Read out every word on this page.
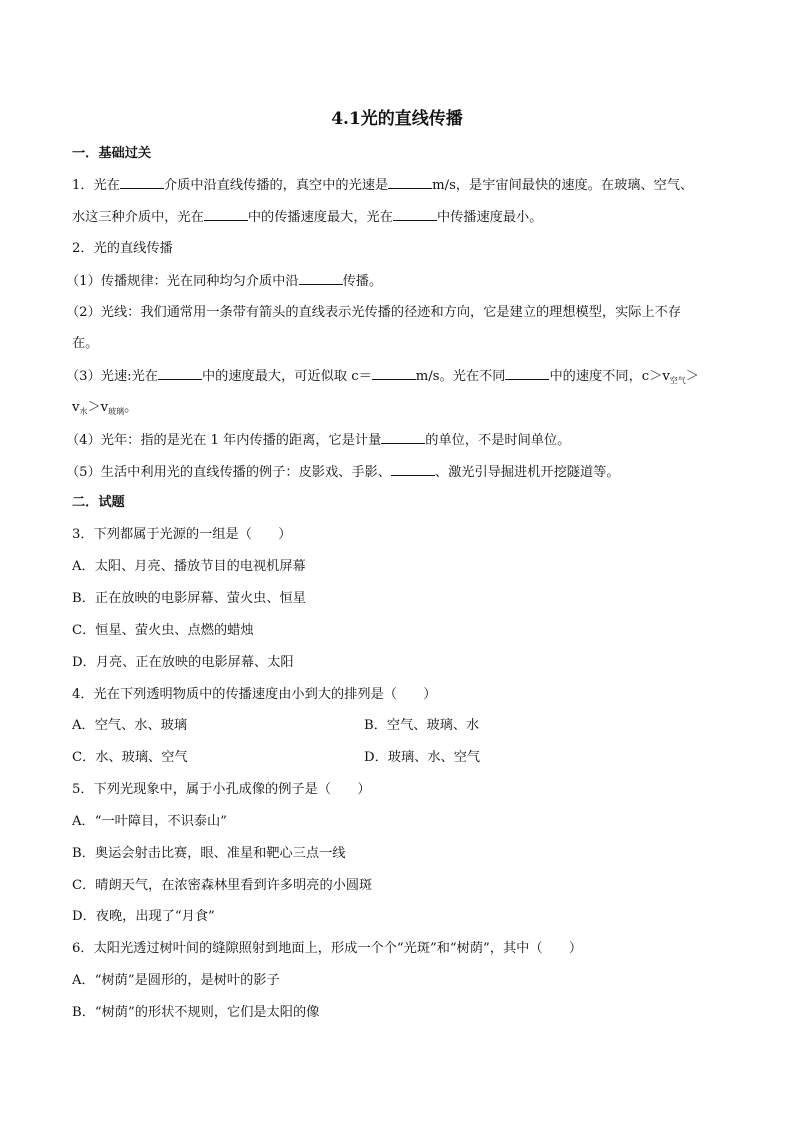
4.1光的直线传播
一．基础过关
1．光在	介质中沿直线传播的，真空中的光速是	m/s，是宇宙间最快的速度。在玻璃、空气、
水这三种介质中，光在	中的传播速度最大，光在	中传播速度最小。
2．光的直线传播
（1）传播规律：光在同种均匀介质中沿	传播。
（2）光线：我们通常用一条带有箭头的直线表示光传播的径迹和方向，它是建立的理想模型，实际上不存
在。
（3）光速:光在	中的速度最大，可近似取 c＝	m/s。光在不同	中的速度不同，$c>v_{空气}>$
$v_水>v_{玻璃}$。
（4）光年：指的是光在 1 年内传播的距离，它是计量	的单位，不是时间单位。
（5）生活中利用光的直线传播的例子：皮影戏、手影、	、激光引导掘进机开挖隧道等。
二．试题
3．下列都属于光源的一组是（　　）
A．太阳、月亮、播放节目的电视机屏幕
B．正在放映的电影屏幕、萤火虫、恒星
C．恒星、萤火虫、点燃的蜡烛
D．月亮、正在放映的电影屏幕、太阳
4．光在下列透明物质中的传播速度由小到大的排列是（　　）
A．空气、水、玻璃	B．空气、玻璃、水
C．水、玻璃、空气	D．玻璃、水、空气
5．下列光现象中，属于小孔成像的例子是（　　）
A．“一叶障目，不识泰山”
B．奥运会射击比赛，眼、准星和靶心三点一线
C．晴朗天气，在浓密森林里看到许多明亮的小圆斑
D．夜晚，出现了“月食”
6．太阳光透过树叶间的缝隙照射到地面上，形成一个个“光斑”和“树荫”，其中（　　）
A．“树荫”是圆形的，是树叶的影子
B．“树荫”的形状不规则，它们是太阳的像
